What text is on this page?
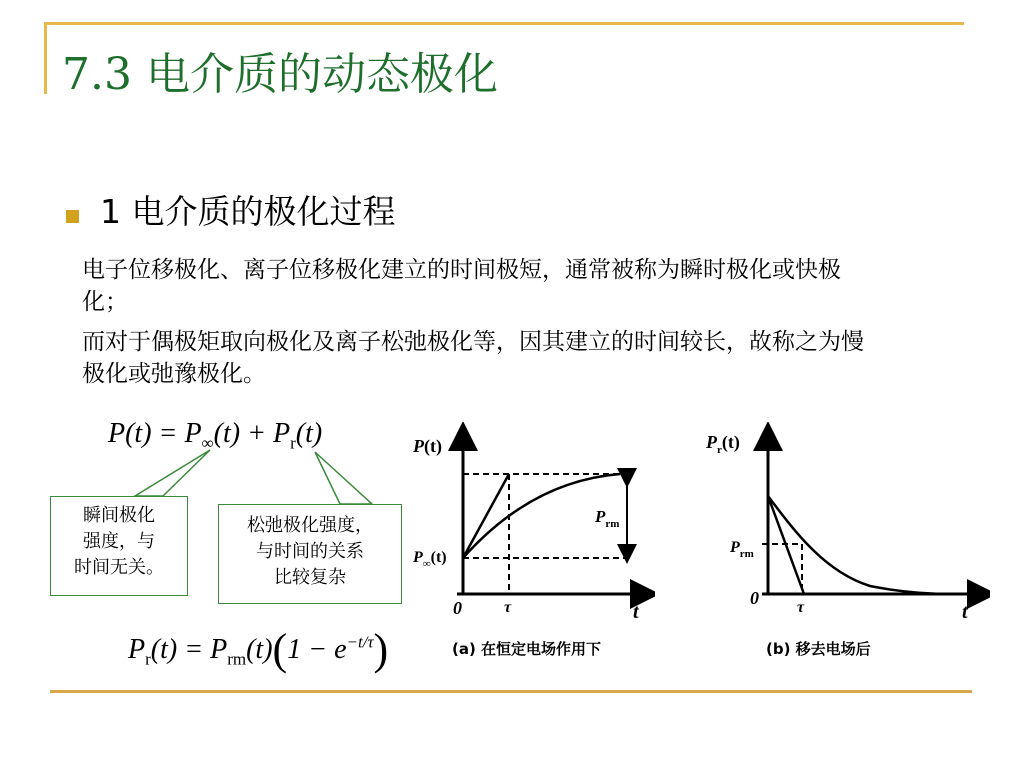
7.3 电介质的动态极化
1 电介质的极化过程
电子位移极化、离子位移极化建立的时间极短，通常被称为瞬时极化或快极化；
而对于偶极矩取向极化及离子松弛极化等，因其建立的时间较长，故称之为慢极化或弛豫极化。
$P(t) = P_\infty(t) + P_r(t)$
瞬间极化
强度，与
时间无关。
松弛极化强度，
与时间的关系
比较复杂
$P_r(t) = P_{rm}(t)(1 - e^{-t/\tau})$
P(t)
$P_{rm}$
$P_\infty(t)$
0	τ	t
(a) 在恒定电场作用下
$P_r(t)$
$P_{rm}$
0 τ	t
(b) 移去电场后
